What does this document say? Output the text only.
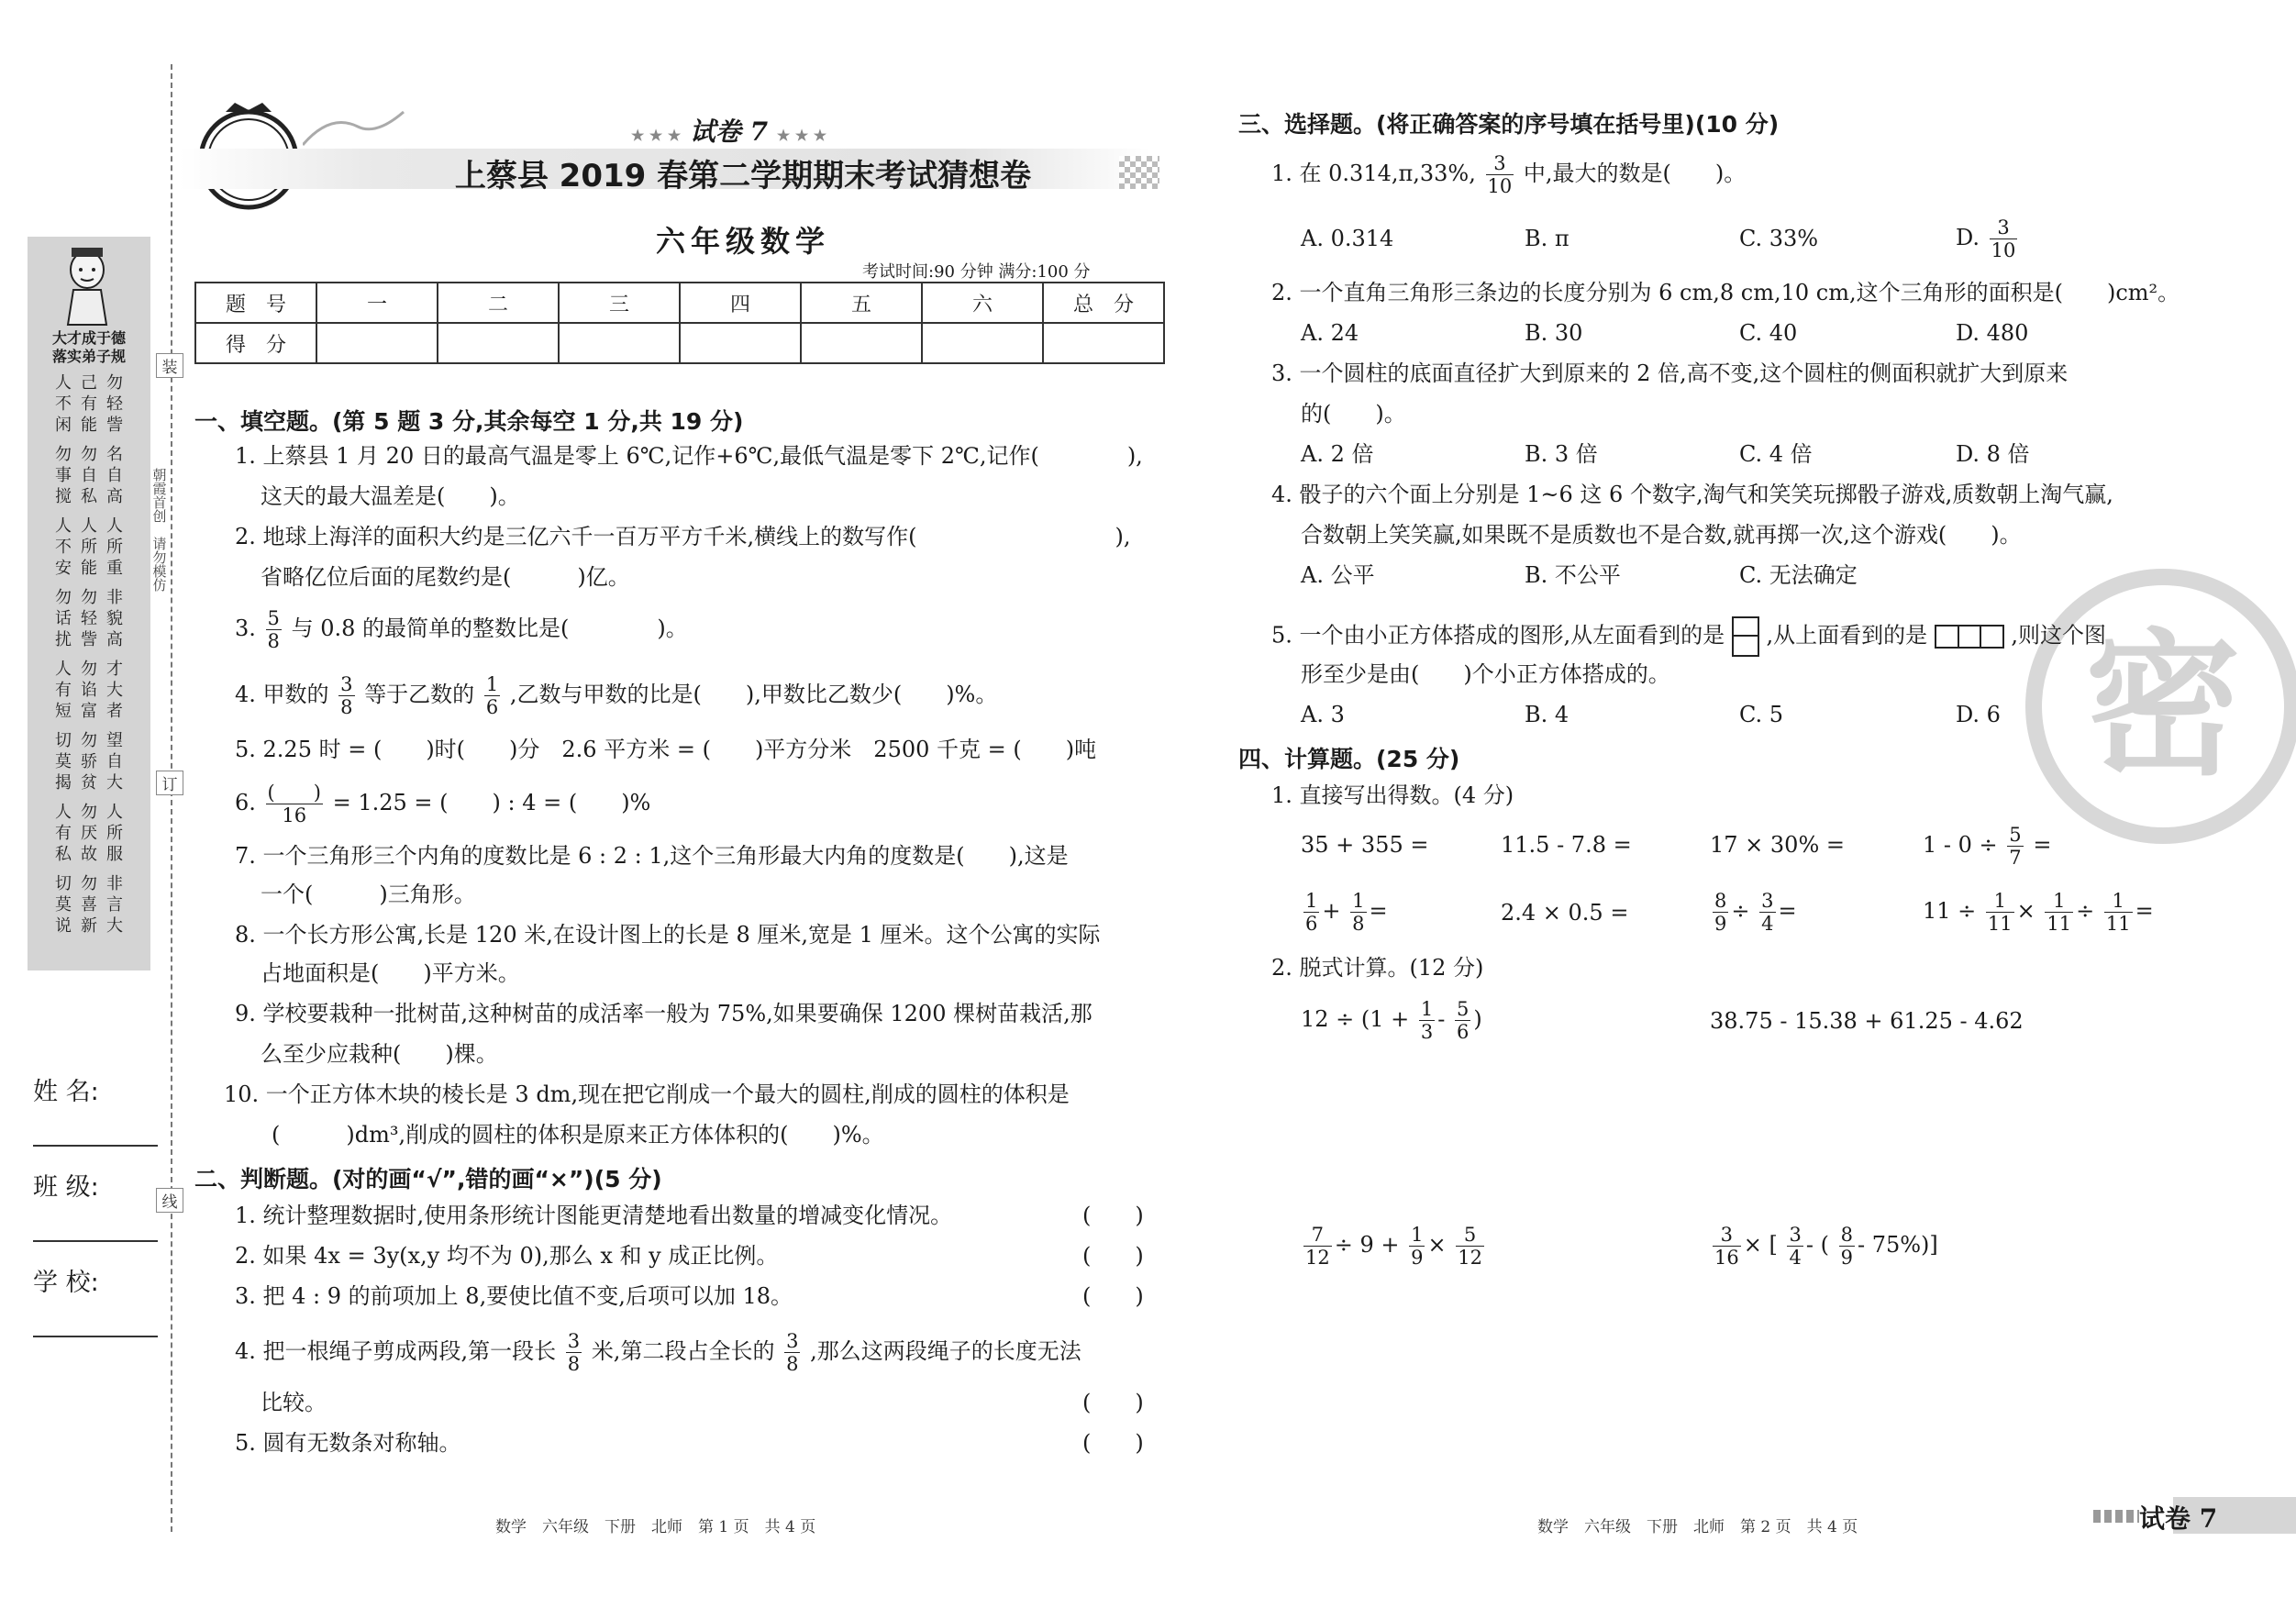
大才成于德
落实弟子规
人
不
闲
己
有
能
勿
轻
訾
勿
事
搅
勿
自
私
名
自
高
人
不
安
人
所
能
人
所
重
勿
话
扰
勿
轻
訾
非
貌
高
人
有
短
勿
谄
富
才
大
者
切
莫
揭
勿
骄
贫
望
自
大
人
有
私
勿
厌
故
人
所
服
切
莫
说
勿
喜
新
非
言
大
装
订
线
朝霞首创　请勿模仿
姓 名:
班 级:
学 校:
★ ★ ★ 试卷 7 ★ ★ ★
上蔡县 2019 春第二学期期末考试猜想卷
六年级数学
考试时间:90 分钟 满分:100 分
题　号	一	二	三	四	五	六	总　分
得　分							
一、填空题。(第 5 题 3 分,其余每空 1 分,共 19 分)
1. 上蔡县 1 月 20 日的最高气温是零上 6℃,记作+6℃,最低气温是零下 2℃,记作(　　　　),
这天的最大温差是(　　)。
2. 地球上海洋的面积大约是三亿六千一百万平方千米,横线上的数写作(　　　　　　　　　),
省略亿位后面的尾数约是(　　　)亿。
3. $\frac{5}{8}$ 与 0.8 的最简单的整数比是(　　　　)。
4. 甲数的 $\frac{3}{8}$ 等于乙数的 $\frac{1}{6}$ ,乙数与甲数的比是(　　),甲数比乙数少(　　)%。
5. 2.25 时 = (　　)时(　　)分　2.6 平方米 = (　　)平方分米　2500 千克 = (　　)吨
6. $\frac{( )}{16} = 1.25$ = (　　) : 4 = (　　)%
7. 一个三角形三个内角的度数比是 6 : 2 : 1,这个三角形最大内角的度数是(　　),这是
一个(　　　)三角形。
8. 一个长方形公寓,长是 120 米,在设计图上的长是 8 厘米,宽是 1 厘米。这个公寓的实际
占地面积是(　　)平方米。
9. 学校要栽种一批树苗,这种树苗的成活率一般为 75%,如果要确保 1200 棵树苗栽活,那
么至少应栽种(　　)棵。
10. 一个正方体木块的棱长是 3 dm,现在把它削成一个最大的圆柱,削成的圆柱的体积是
(　　　)dm³,削成的圆柱的体积是原来正方体体积的(　　)%。
二、判断题。(对的画“√”,错的画“×”)(5 分)
1. 统计整理数据时,使用条形统计图能更清楚地看出数量的增减变化情况。	(　　)
2. 如果 4x = 3y(x,y 均不为 0),那么 x 和 y 成正比例。	(　　)
3. 把 4 : 9 的前项加上 8,要使比值不变,后项可以加 18。	(　　)
4. 把一根绳子剪成两段,第一段长 $\frac{3}{8}$ 米,第二段占全长的 $\frac{3}{8}$ ,那么这两段绳子的长度无法
比较。	(　　)
5. 圆有无数条对称轴。	(　　)
数学　六年级　下册　北师　第 1 页　共 4 页
密
三、选择题。(将正确答案的序号填在括号里)(10 分)
1. 在 0.314,π,33%, $\frac{3}{10}$ 中,最大的数是(　　)。
A. 0.314	B. π	C. 33%	D. $\frac{3}{10}$
2. 一个直角三角形三条边的长度分别为 6 cm,8 cm,10 cm,这个三角形的面积是(　　)cm²。
A. 24	B. 30	C. 40	D. 480
3. 一个圆柱的底面直径扩大到原来的 2 倍,高不变,这个圆柱的侧面积就扩大到原来
的(　　)。
A. 2 倍	B. 3 倍	C. 4 倍	D. 8 倍
4. 骰子的六个面上分别是 1~6 这 6 个数字,淘气和笑笑玩掷骰子游戏,质数朝上淘气赢,
合数朝上笑笑赢,如果既不是质数也不是合数,就再掷一次,这个游戏(　　)。
A. 公平	B. 不公平	C. 无法确定
5. 一个由小正方体搭成的图形,从左面看到的是 ,从上面看到的是	,则这个图
形至少是由(　　)个小正方体搭成的。
A. 3	B. 4	C. 5	D. 6
四、计算题。(25 分)
1. 直接写出得数。(4 分)
35 + 355 =	11.5 - 7.8 =	17 × 30% =	$1 - 0 \div \frac{5}{7}$ =
$\frac{1}{6} + \frac{1}{8}$ =	2.4 × 0.5 =	$\frac{8}{9} \div \frac{3}{4}$ =	$11 \div \frac{1}{11} \times \frac{1}{11} \div \frac{1}{11}$ =
2. 脱式计算。(12 分)
$12 \div (1 + \frac{1}{3} - \frac{5}{6}$ )	38.75 - 15.38 + 61.25 - 4.62
$\frac{7}{12} \div 9 + \frac{1}{9} \times \frac{5}{12}$	$\frac{3}{16}$ × [ $\frac{3}{4}$ - ( $\frac{8}{9} - 75\%$)]
数学　六年级　下册　北师　第 2 页　共 4 页	试卷 7
